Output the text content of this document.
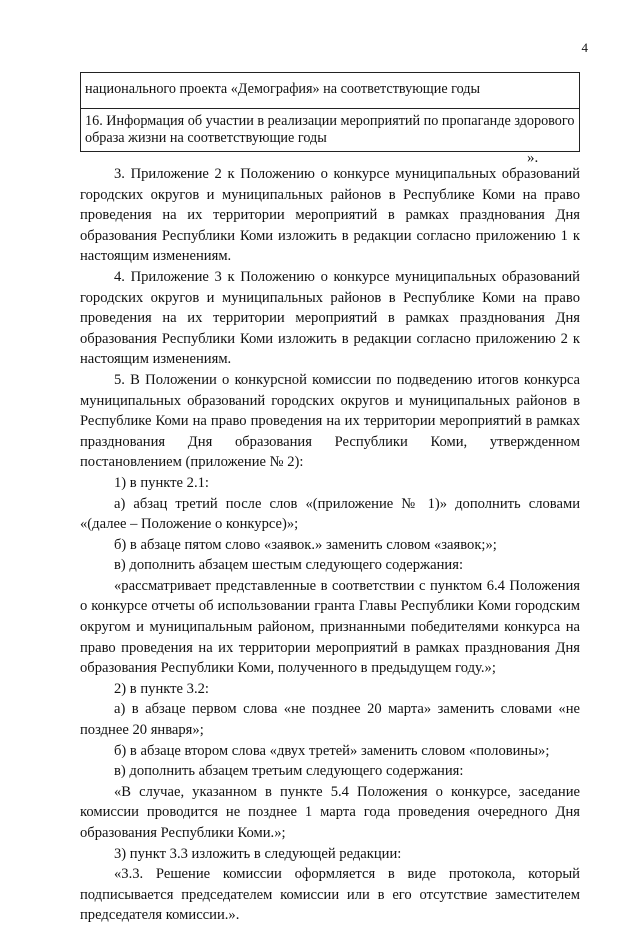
4
национального проекта «Демография» на соответствующие годы
16. Информация об участии в реализации мероприятий по пропаганде здорового образа жизни на соответствующие годы
».

3. Приложение 2 к Положению о конкурсе муниципальных образований городских округов и муниципальных районов в Республике Коми на право проведения на их территории мероприятий в рамках празднования Дня образования Республики Коми изложить в редакции согласно приложению 1 к настоящим изменениям.

4. Приложение 3 к Положению о конкурсе муниципальных образований городских округов и муниципальных районов в Республике Коми на право проведения на их территории мероприятий в рамках празднования Дня образования Республики Коми изложить в редакции согласно приложению 2 к настоящим изменениям.

5. В Положении о конкурсной комиссии по подведению итогов конкурса муниципальных образований городских округов и муниципальных районов в Республике Коми на право проведения на их территории мероприятий в рамках празднования Дня образования Республики Коми, утвержденном постановлением (приложение № 2):

1) в пункте 2.1:

а) абзац третий после слов «(приложение № 1)» дополнить словами «(далее – Положение о конкурсе)»;

б) в абзаце пятом слово «заявок.» заменить словом «заявок;»;

в) дополнить абзацем шестым следующего содержания:

«рассматривает представленные в соответствии с пунктом 6.4 Положения о конкурсе отчеты об использовании гранта Главы Республики Коми городским округом и муниципальным районом, признанными победителями конкурса на право проведения на их территории мероприятий в рамках празднования Дня образования Республики Коми, полученного в предыдущем году.»;

2) в пункте 3.2:

а) в абзаце первом слова «не позднее 20 марта» заменить словами «не позднее 20 января»;

б) в абзаце втором слова «двух третей» заменить словом «половины»;

в) дополнить абзацем третьим следующего содержания:

«В случае, указанном в пункте 5.4 Положения о конкурсе, заседание комиссии проводится не позднее 1 марта года проведения очередного Дня образования Республики Коми.»;

3) пункт 3.3 изложить в следующей редакции:

«3.3. Решение комиссии оформляется в виде протокола, который подписывается председателем комиссии или в его отсутствие заместителем председателя комиссии.».
